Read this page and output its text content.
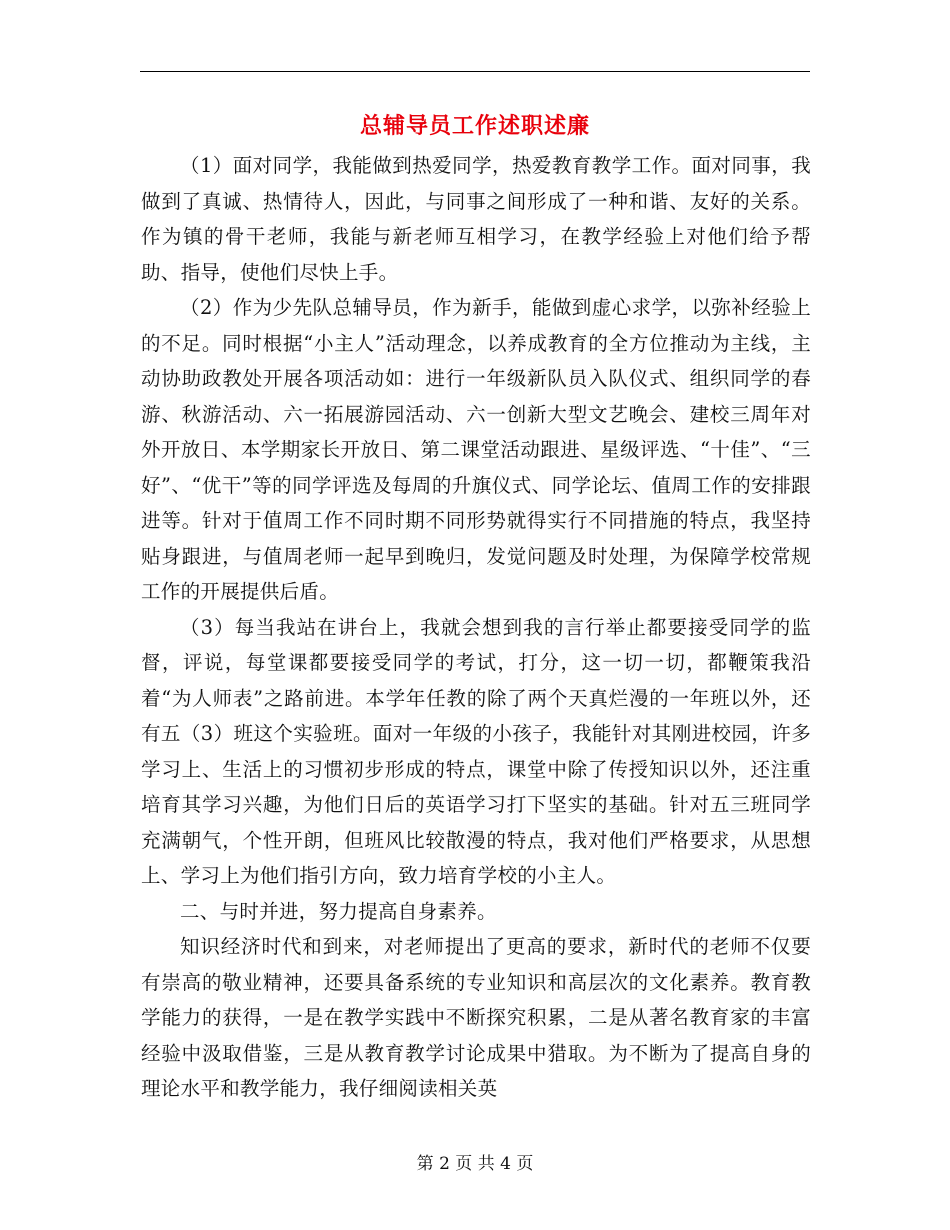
总辅导员工作述职述廉

（1）面对同学，我能做到热爱同学，热爱教育教学工作。面对同事，我做到了真诚、热情待人，因此，与同事之间形成了一种和谐、友好的关系。作为镇的骨干老师，我能与新老师互相学习，在教学经验上对他们给予帮助、指导，使他们尽快上手。

（2）作为少先队总辅导员，作为新手，能做到虚心求学，以弥补经验上的不足。同时根据“小主人”活动理念，以养成教育的全方位推动为主线，主动协助政教处开展各项活动如：进行一年级新队员入队仪式、组织同学的春游、秋游活动、六一拓展游园活动、六一创新大型文艺晚会、建校三周年对外开放日、本学期家长开放日、第二课堂活动跟进、星级评选、“十佳”、“三好”、“优干”等的同学评选及每周的升旗仪式、同学论坛、值周工作的安排跟进等。针对于值周工作不同时期不同形势就得实行不同措施的特点，我坚持贴身跟进，与值周老师一起早到晚归，发觉问题及时处理，为保障学校常规工作的开展提供后盾。

（3）每当我站在讲台上，我就会想到我的言行举止都要接受同学的监督，评说，每堂课都要接受同学的考试，打分，这一切一切，都鞭策我沿着“为人师表”之路前进。本学年任教的除了两个天真烂漫的一年班以外，还有五（3）班这个实验班。面对一年级的小孩子，我能针对其刚进校园，许多学习上、生活上的习惯初步形成的特点，课堂中除了传授知识以外，还注重培育其学习兴趣，为他们日后的英语学习打下坚实的基础。针对五三班同学充满朝气，个性开朗，但班风比较散漫的特点，我对他们严格要求，从思想上、学习上为他们指引方向，致力培育学校的小主人。

二、与时并进，努力提高自身素养。

知识经济时代和到来，对老师提出了更高的要求，新时代的老师不仅要有崇高的敬业精神，还要具备系统的专业知识和高层次的文化素养。教育教学能力的获得，一是在教学实践中不断探究积累，二是从著名教育家的丰富经验中汲取借鉴，三是从教育教学讨论成果中猎取。为不断为了提高自身的理论水平和教学能力，我仔细阅读相关英

第 2 页 共 4 页
